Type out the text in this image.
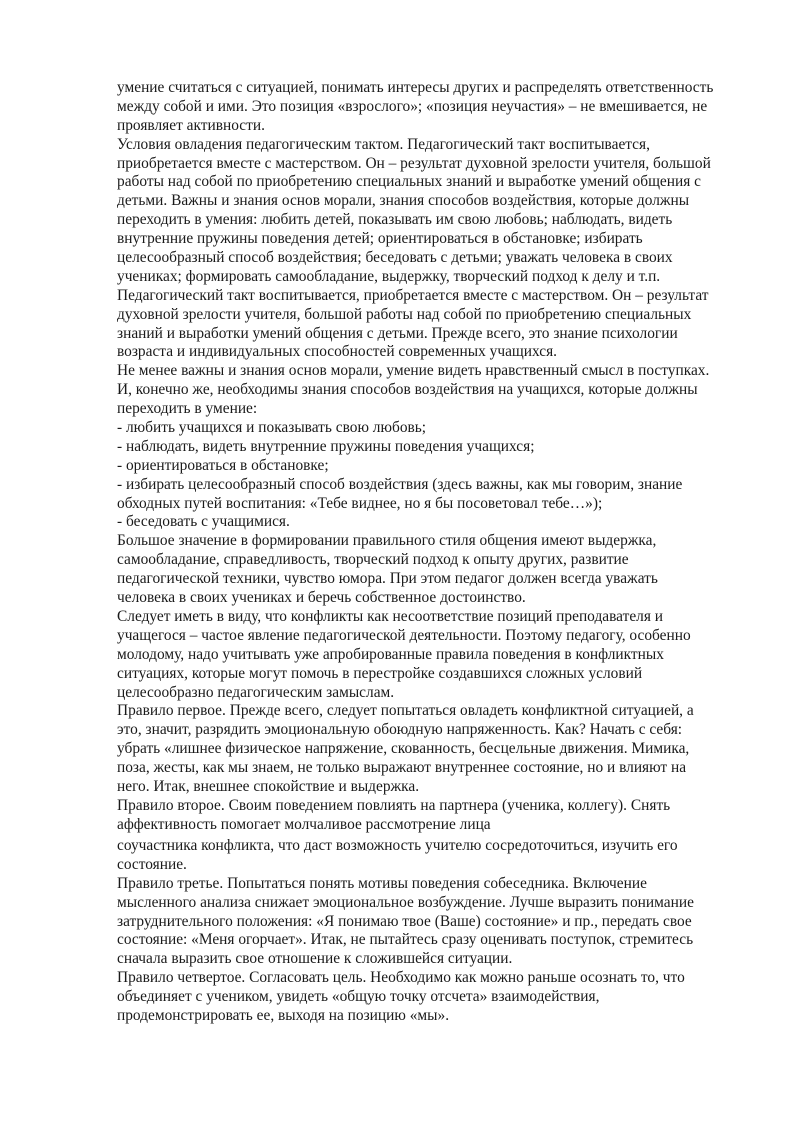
умение считаться с ситуацией, понимать интересы других и распределять ответственность
между собой и ими. Это позиция «взрослого»; «позиция неучастия» – не вмешивается, не
проявляет активности.
Условия овладения педагогическим тактом. Педагогический такт воспитывается,
приобретается вместе с мастерством. Он – результат духовной зрелости учителя, большой
работы над собой по приобретению специальных знаний и выработке умений общения с
детьми. Важны и знания основ морали, знания способов воздействия, которые должны
переходить в умения: любить детей, показывать им свою любовь; наблюдать, видеть
внутренние пружины поведения детей; ориентироваться в обстановке; избирать
целесообразный способ воздействия; беседовать с детьми; уважать человека в своих
учениках; формировать самообладание, выдержку, творческий подход к делу и т.п.
Педагогический такт воспитывается, приобретается вместе с мастерством. Он – результат
духовной зрелости учителя, большой работы над собой по приобретению специальных
знаний и выработки умений общения с детьми. Прежде всего, это знание психологии
возраста и индивидуальных способностей современных учащихся.
Не менее важны и знания основ морали, умение видеть нравственный смысл в поступках.
И, конечно же, необходимы знания способов воздействия на учащихся, которые должны
переходить в умение:
- любить учащихся и показывать свою любовь;
- наблюдать, видеть внутренние пружины поведения учащихся;
- ориентироваться в обстановке;
- избирать целесообразный способ воздействия (здесь важны, как мы говорим, знание
обходных путей воспитания: «Тебе виднее, но я бы посоветовал тебе…»);
- беседовать с учащимися.
Большое значение в формировании правильного стиля общения имеют выдержка,
самообладание, справедливость, творческий подход к опыту других, развитие
педагогической техники, чувство юмора. При этом педагог должен всегда уважать
человека в своих учениках и беречь собственное достоинство.
Следует иметь в виду, что конфликты как несоответствие позиций преподавателя и
учащегося – частое явление педагогической деятельности. Поэтому педагогу, особенно
молодому, надо учитывать уже апробированные правила поведения в конфликтных
ситуациях, которые могут помочь в перестройке создавшихся сложных условий
целесообразно педагогическим замыслам.
Правило первое. Прежде всего, следует попытаться овладеть конфликтной ситуацией, а
это, значит, разрядить эмоциональную обоюдную напряженность. Как? Начать с себя:
убрать «лишнее физическое напряжение, скованность, бесцельные движения. Мимика,
поза, жесты, как мы знаем, не только выражают внутреннее состояние, но и влияют на
него. Итак, внешнее спокойствие и выдержка.
Правило второе. Своим поведением повлиять на партнера (ученика, коллегу). Снять
аффективность помогает молчаливое рассмотрение лица
соучастника конфликта, что даст возможность учителю сосредоточиться, изучить его
состояние.
Правило третье. Попытаться понять мотивы поведения собеседника. Включение
мысленного анализа снижает эмоциональное возбуждение. Лучше выразить понимание
затруднительного положения: «Я понимаю твое (Ваше) состояние» и пр., передать свое
состояние: «Меня огорчает». Итак, не пытайтесь сразу оценивать поступок, стремитесь
сначала выразить свое отношение к сложившейся ситуации.
Правило четвертое. Согласовать цель. Необходимо как можно раньше осознать то, что
объединяет с учеником, увидеть «общую точку отсчета» взаимодействия,
продемонстрировать ее, выходя на позицию «мы».
